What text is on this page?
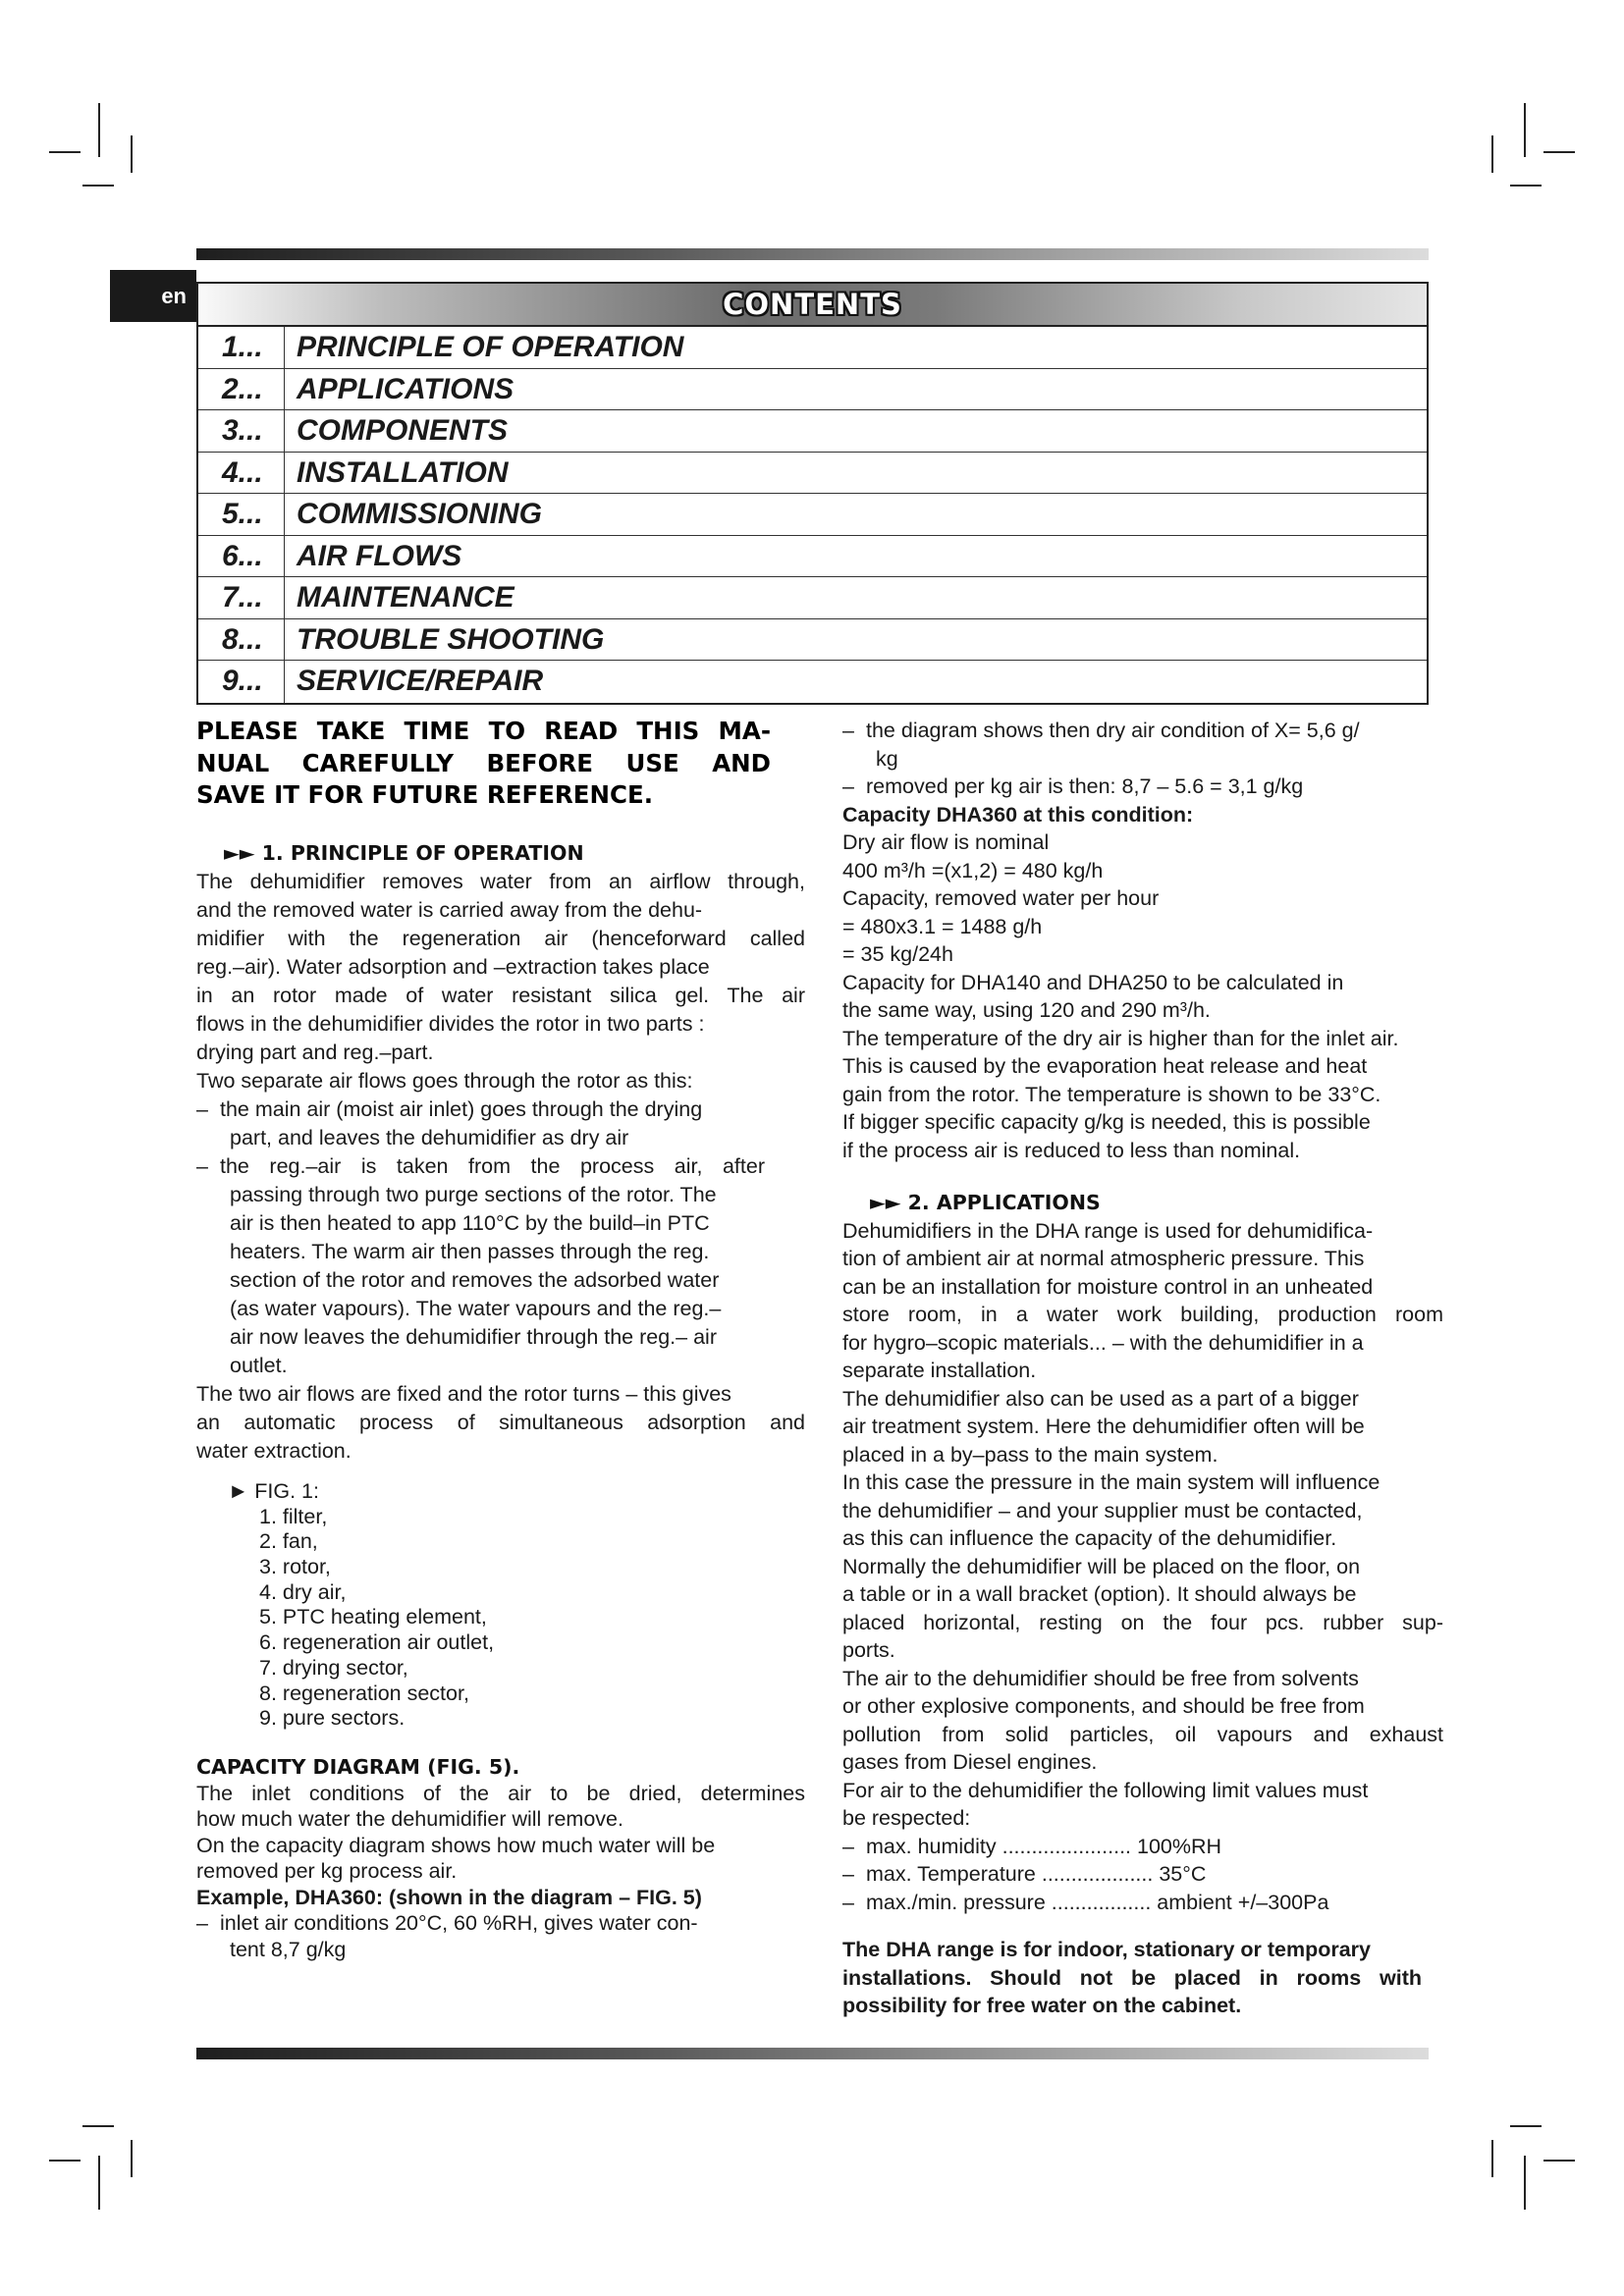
en	CONTENTS
1...	PRINCIPLE OF OPERATION
2...	APPLICATIONS
3...	COMPONENTS
4...	INSTALLATION
5...	COMMISSIONING
6...	AIR FLOWS
7...	MAINTENANCE
8...	TROUBLE SHOOTING
9...	SERVICE/REPAIR
PLEASE TAKE TIME TO READ THIS MA-
NUAL CAREFULLY BEFORE USE AND
SAVE IT FOR FUTURE REFERENCE.
►► 1. PRINCIPLE OF OPERATION
The dehumidifier removes water from an airflow through,
and the removed water is carried away from the dehu-
midifier with the regeneration air (henceforward called
reg.–air). Water adsorption and –extraction takes place
in an rotor made of water resistant silica gel. The air
flows in the dehumidifier divides the rotor in two parts :
drying part and reg.–part.
Two separate air flows goes through the rotor as this:
– the main air (moist air inlet) goes through the drying
part, and leaves the dehumidifier as dry air
– the reg.–air is taken from the process air, after
passing through two purge sections of the rotor. The
air is then heated to app 110°C by the build–in PTC
heaters. The warm air then passes through the reg.
section of the rotor and removes the adsorbed water
(as water vapours). The water vapours and the reg.–
air now leaves the dehumidifier through the reg.– air
outlet.
The two air flows are fixed and the rotor turns – this gives
an automatic process of simultaneous adsorption and
water extraction.
► FIG. 1:
1. filter,
2. fan,
3. rotor,
4. dry air,
5. PTC heating element,
6. regeneration air outlet,
7. drying sector,
8. regeneration sector,
9. pure sectors.
CAPACITY DIAGRAM (FIG. 5).
The inlet conditions of the air to be dried, determines
how much water the dehumidifier will remove.
On the capacity diagram shows how much water will be
removed per kg process air.
Example, DHA360: (shown in the diagram – FIG. 5)
– inlet air conditions 20°C, 60 %RH, gives water con-
tent 8,7 g/kg
– the diagram shows then dry air condition of X= 5,6 g/
kg
– removed per kg air is then: 8,7 – 5.6 = 3,1 g/kg
Capacity DHA360 at this condition:
Dry air flow is nominal
400 m³/h =(x1,2) = 480 kg/h
Capacity, removed water per hour
= 480x3.1 = 1488 g/h
= 35 kg/24h
Capacity for DHA140 and DHA250 to be calculated in
the same way, using 120 and 290 m³/h.
The temperature of the dry air is higher than for the inlet air.
This is caused by the evaporation heat release and heat
gain from the rotor. The temperature is shown to be 33°C.
If bigger specific capacity g/kg is needed, this is possible
if the process air is reduced to less than nominal.
►► 2. APPLICATIONS
Dehumidifiers in the DHA range is used for dehumidifica-
tion of ambient air at normal atmospheric pressure. This
can be an installation for moisture control in an unheated
store room, in a water work building, production room
for hygro–scopic materials... – with the dehumidifier in a
separate installation.
The dehumidifier also can be used as a part of a bigger
air treatment system. Here the dehumidifier often will be
placed in a by–pass to the main system.
In this case the pressure in the main system will influence
the dehumidifier – and your supplier must be contacted,
as this can influence the capacity of the dehumidifier.
Normally the dehumidifier will be placed on the floor, on
a table or in a wall bracket (option). It should always be
placed horizontal, resting on the four pcs. rubber sup-
ports.
The air to the dehumidifier should be free from solvents
or other explosive components, and should be free from
pollution from solid particles, oil vapours and exhaust
gases from Diesel engines.
For air to the dehumidifier the following limit values must
be respected:
– max. humidity ...................... 100%RH
– max. Temperature ................... 35°C
– max./min. pressure ................. ambient +/–300Pa
The DHA range is for indoor, stationary or temporary
installations. Should not be placed in rooms with
possibility for free water on the cabinet.
